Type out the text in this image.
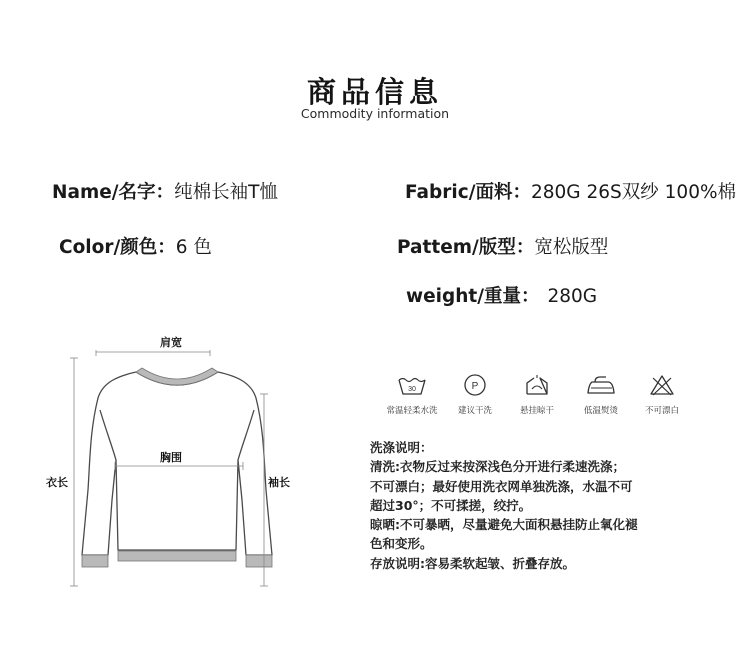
商品信息
Commodity information
Name/名字：纯棉长袖T恤	Fabric/面料：280G 26S双纱 100%棉
Color/颜色：6 色	Pattem/版型：宽松版型
weight/重量： 280G
肩宽
胸围
衣长	袖长
30
常温轻柔水洗
P
建议干洗	悬挂晾干	低温熨烫	不可漂白
洗涤说明：
清洗:衣物反过来按深浅色分开进行柔速洗涤；
不可漂白；最好使用洗衣网单独洗涤，水温不可
超过30°；不可揉搓，绞拧。
晾晒:不可暴晒，尽量避免大面积悬挂防止氧化褪
色和变形。
存放说明:容易柔软起皱、折叠存放。
